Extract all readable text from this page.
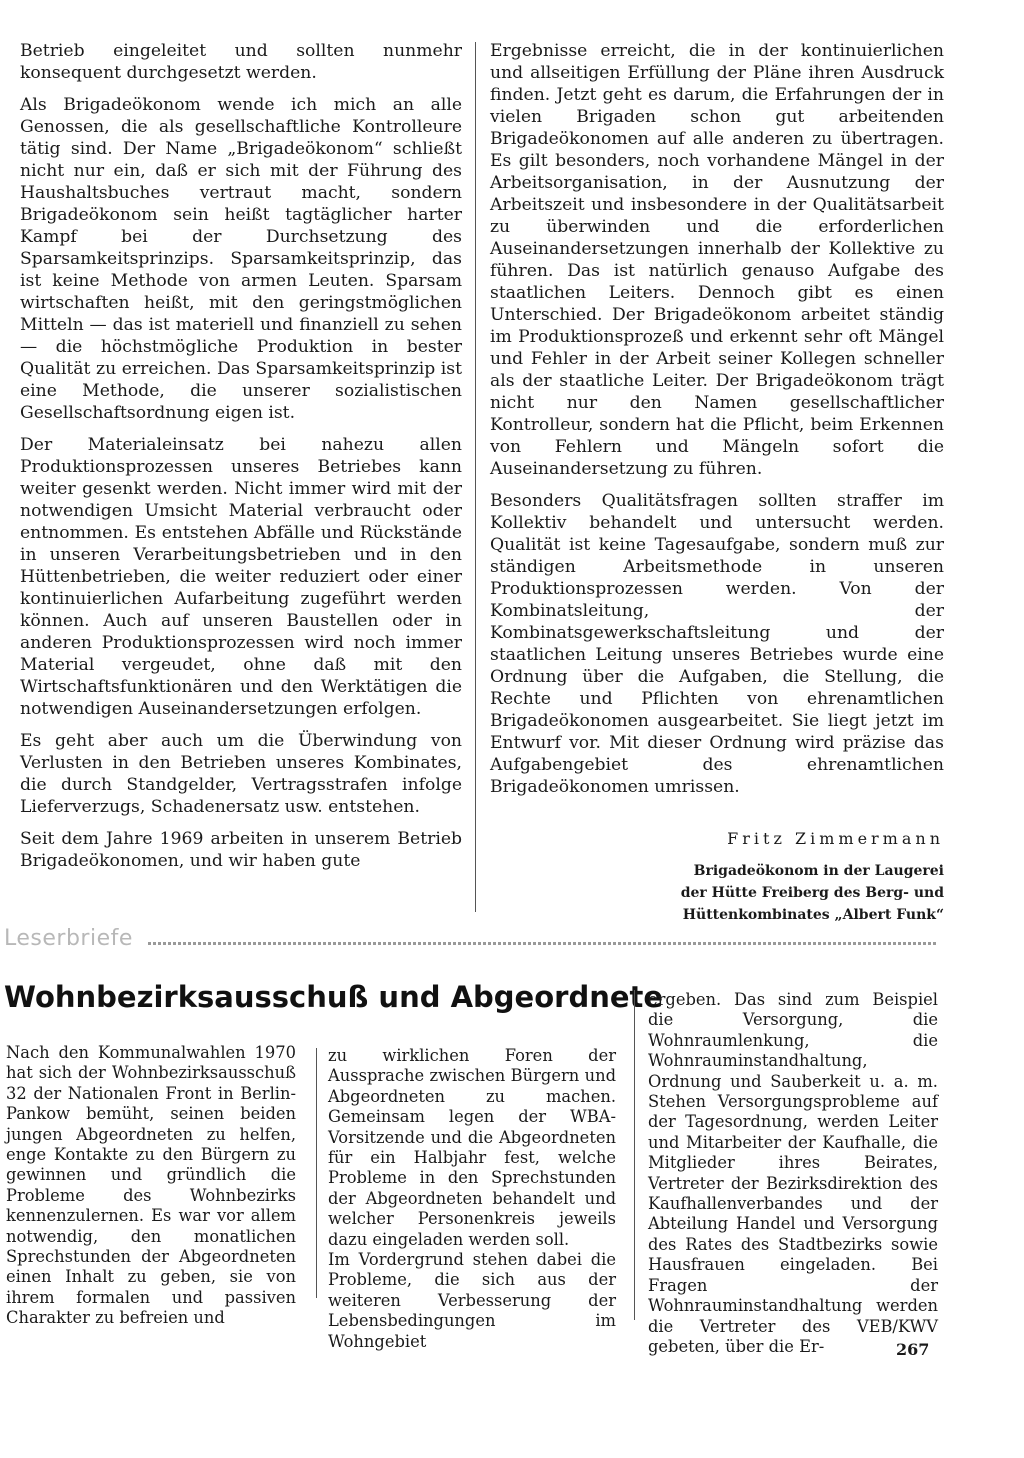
Betrieb eingeleitet und sollten nunmehr konsequent durchgesetzt werden.

Als Brigadeökonom wende ich mich an alle Genossen, die als gesellschaftliche Kontrolleure tätig sind. Der Name „Brigadeökonom“ schließt nicht nur ein, daß er sich mit der Führung des Haushaltsbuches vertraut macht, sondern Brigadeökonom sein heißt tagtäglicher harter Kampf bei der Durchsetzung des Sparsamkeitsprinzips. Sparsamkeitsprinzip, das ist keine Methode von armen Leuten. Sparsam wirtschaften heißt, mit den geringstmöglichen Mitteln — das ist materiell und finanziell zu sehen — die höchstmögliche Produktion in bester Qualität zu erreichen. Das Sparsamkeitsprinzip ist eine Methode, die unserer sozialistischen Gesellschaftsordnung eigen ist.

Der Materialeinsatz bei nahezu allen Produktionsprozessen unseres Betriebes kann weiter gesenkt werden. Nicht immer wird mit der notwendigen Umsicht Material verbraucht oder entnommen. Es entstehen Abfälle und Rückstände in unseren Verarbeitungsbetrieben und in den Hüttenbetrieben, die weiter reduziert oder einer kontinuierlichen Aufarbeitung zugeführt werden können. Auch auf unseren Baustellen oder in anderen Produktionsprozessen wird noch immer Material vergeudet, ohne daß mit den Wirtschaftsfunktionären und den Werktätigen die notwendigen Auseinandersetzungen erfolgen.

Es geht aber auch um die Überwindung von Verlusten in den Betrieben unseres Kombinates, die durch Standgelder, Vertragsstrafen infolge Lieferverzugs, Schadenersatz usw. entstehen.

Seit dem Jahre 1969 arbeiten in unserem Betrieb Brigadeökonomen, und wir haben gute

Ergebnisse erreicht, die in der kontinuierlichen und allseitigen Erfüllung der Pläne ihren Ausdruck finden. Jetzt geht es darum, die Erfahrungen der in vielen Brigaden schon gut arbeitenden Brigadeökonomen auf alle anderen zu übertragen. Es gilt besonders, noch vorhandene Mängel in der Arbeitsorganisation, in der Ausnutzung der Arbeitszeit und insbesondere in der Qualitätsarbeit zu überwinden und die erforderlichen Auseinandersetzungen innerhalb der Kollektive zu führen. Das ist natürlich genauso Aufgabe des staatlichen Leiters. Dennoch gibt es einen Unterschied. Der Brigadeökonom arbeitet ständig im Produktionsprozeß und erkennt sehr oft Mängel und Fehler in der Arbeit seiner Kollegen schneller als der staatliche Leiter. Der Brigadeökonom trägt nicht nur den Namen gesellschaftlicher Kontrolleur, sondern hat die Pflicht, beim Erkennen von Fehlern und Mängeln sofort die Auseinandersetzung zu führen.

Besonders Qualitätsfragen sollten straffer im Kollektiv behandelt und untersucht werden. Qualität ist keine Tagesaufgabe, sondern muß zur ständigen Arbeitsmethode in unseren Produktionsprozessen werden. Von der Kombinatsleitung, der Kombinatsgewerkschaftsleitung und der staatlichen Leitung unseres Betriebes wurde eine Ordnung über die Aufgaben, die Stellung, die Rechte und Pflichten von ehrenamtlichen Brigadeökonomen ausgearbeitet. Sie liegt jetzt im Entwurf vor. Mit dieser Ordnung wird präzise das Aufgabengebiet des ehrenamtlichen Brigadeökonomen umrissen.

Fritz Zimmermann
Brigadeökonom in der Laugerei
der Hütte Freiberg des Berg- und
Hüttenkombinates „Albert Funk“
Leserbriefe
Wohnbezirksausschuß und Abgeordnete

Nach den Kommunalwahlen 1970 hat sich der Wohnbezirksausschuß 32 der Nationalen Front in Berlin-Pankow bemüht, seinen beiden jungen Abgeordneten zu helfen, enge Kontakte zu den Bürgern zu gewinnen und gründlich die Probleme des Wohnbezirks kennenzulernen. Es war vor allem notwendig, den monatlichen Sprechstunden der Abgeordneten einen Inhalt zu geben, sie von ihrem formalen und passiven Charakter zu befreien und

zu wirklichen Foren der Aussprache zwischen Bürgern und Abgeordneten zu machen. Gemeinsam legen der WBA-Vorsitzende und die Abgeordneten für ein Halbjahr fest, welche Probleme in den Sprechstunden der Abgeordneten behandelt und welcher Personenkreis jeweils dazu eingeladen werden soll.

Im Vordergrund stehen dabei die Probleme, die sich aus der weiteren Verbesserung der Lebensbedingungen im Wohngebiet

ergeben. Das sind zum Beispiel die Versorgung, die Wohnraumlenkung, die Wohnrauminstandhaltung, Ordnung und Sauberkeit u. a. m. Stehen Versorgungsprobleme auf der Tagesordnung, werden Leiter und Mitarbeiter der Kaufhalle, die Mitglieder ihres Beirates, Vertreter der Bezirksdirektion des Kaufhallenverbandes und der Abteilung Handel und Versorgung des Rates des Stadtbezirks sowie Hausfrauen eingeladen. Bei Fragen der Wohnrauminstandhaltung werden die Vertreter des VEB/KWV gebeten, über die Er-	267
